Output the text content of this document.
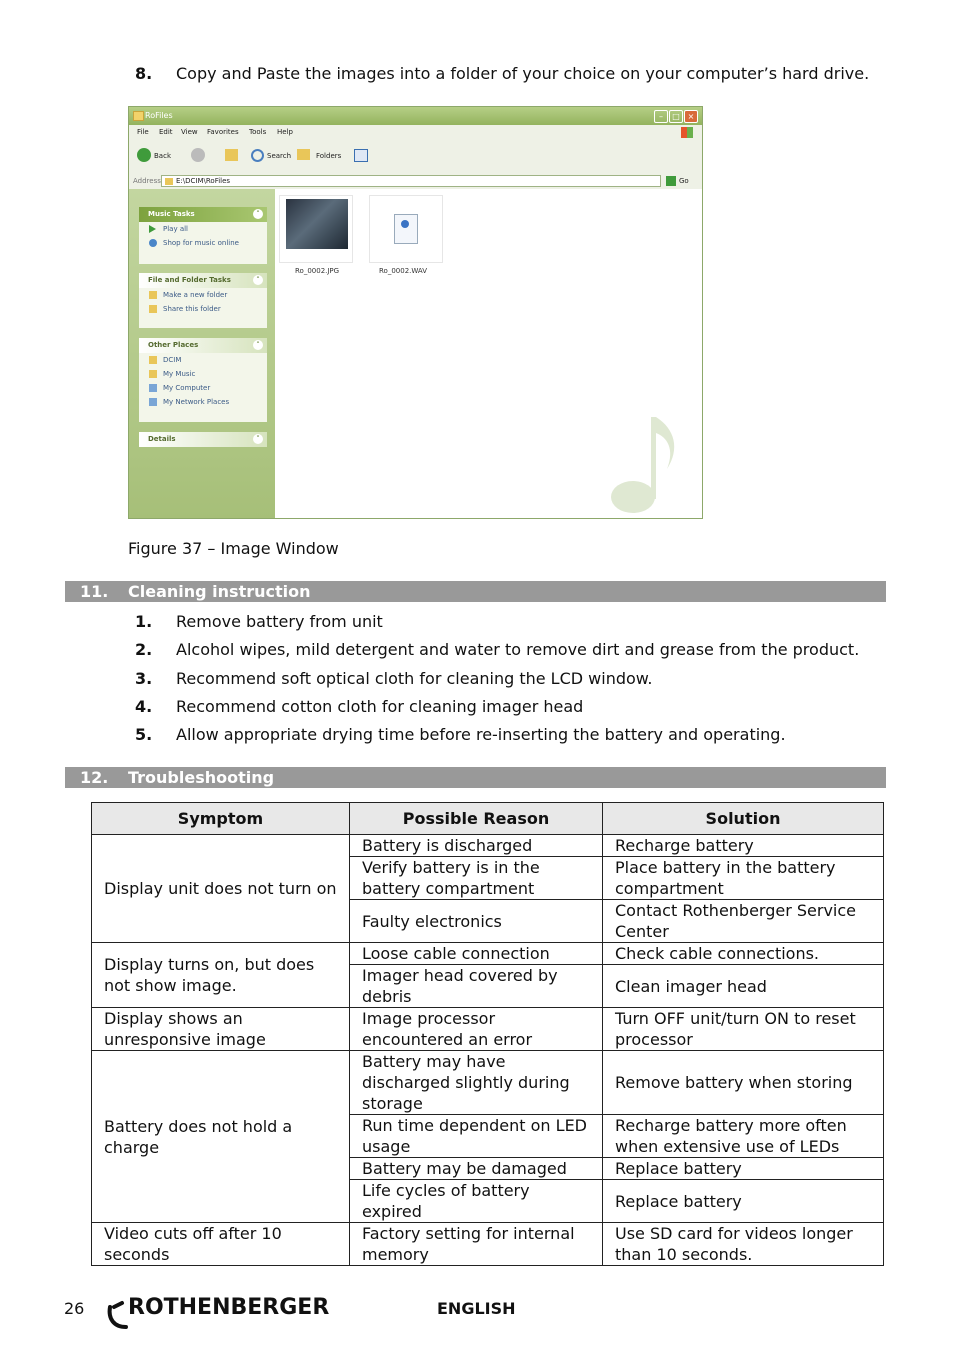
8. Copy and Paste the images into a folder of your choice on your computer’s hard drive.
RoFiles	–	□ ×
File Edit View Favorites Tools Help
Back	Search	Folders
Address E:\DCIM\RoFiles	Go
Music Tasks	˄
Play all
Shop for music online
File and Folder Tasks	˄
Make a new folder
Share this folder
Other Places	˄
DCIM
My Music
My Computer
My Network Places
Details	˅
Ro_0002.JPG	Ro_0002.WAV
Figure 37 – Image Window
11. Cleaning instruction
1. Remove battery from unit
2. Alcohol wipes, mild detergent and water to remove dirt and grease from the product.
3. Recommend soft optical cloth for cleaning the LCD window.
4. Recommend cotton cloth for cleaning imager head
5. Allow appropriate drying time before re-inserting the battery and operating.
12. Troubleshooting
Symptom	Possible Reason	Solution
Display unit does not turn on	Battery is discharged	Recharge battery
	Verify battery is in the battery compartment	Place battery in the battery compartment
	Faulty electronics	Contact Rothenberger Service Center
Display turns on, but does not show image.	Loose cable connection	Check cable connections.
	Imager head covered by debris	Clean imager head
Display shows an unresponsive image	Image processor encountered an error	Turn OFF unit/turn ON to reset processor
Battery does not hold a charge	Battery may have discharged slightly during storage	Remove battery when storing
	Run time dependent on LED usage	Recharge battery more often when extensive use of LEDs
	Battery may be damaged	Replace battery
	Life cycles of battery expired	Replace battery
Video cuts off after 10 seconds	Factory setting for internal memory	Use SD card for videos longer than 10 seconds.
26 ROTHENBERGER	ENGLISH
